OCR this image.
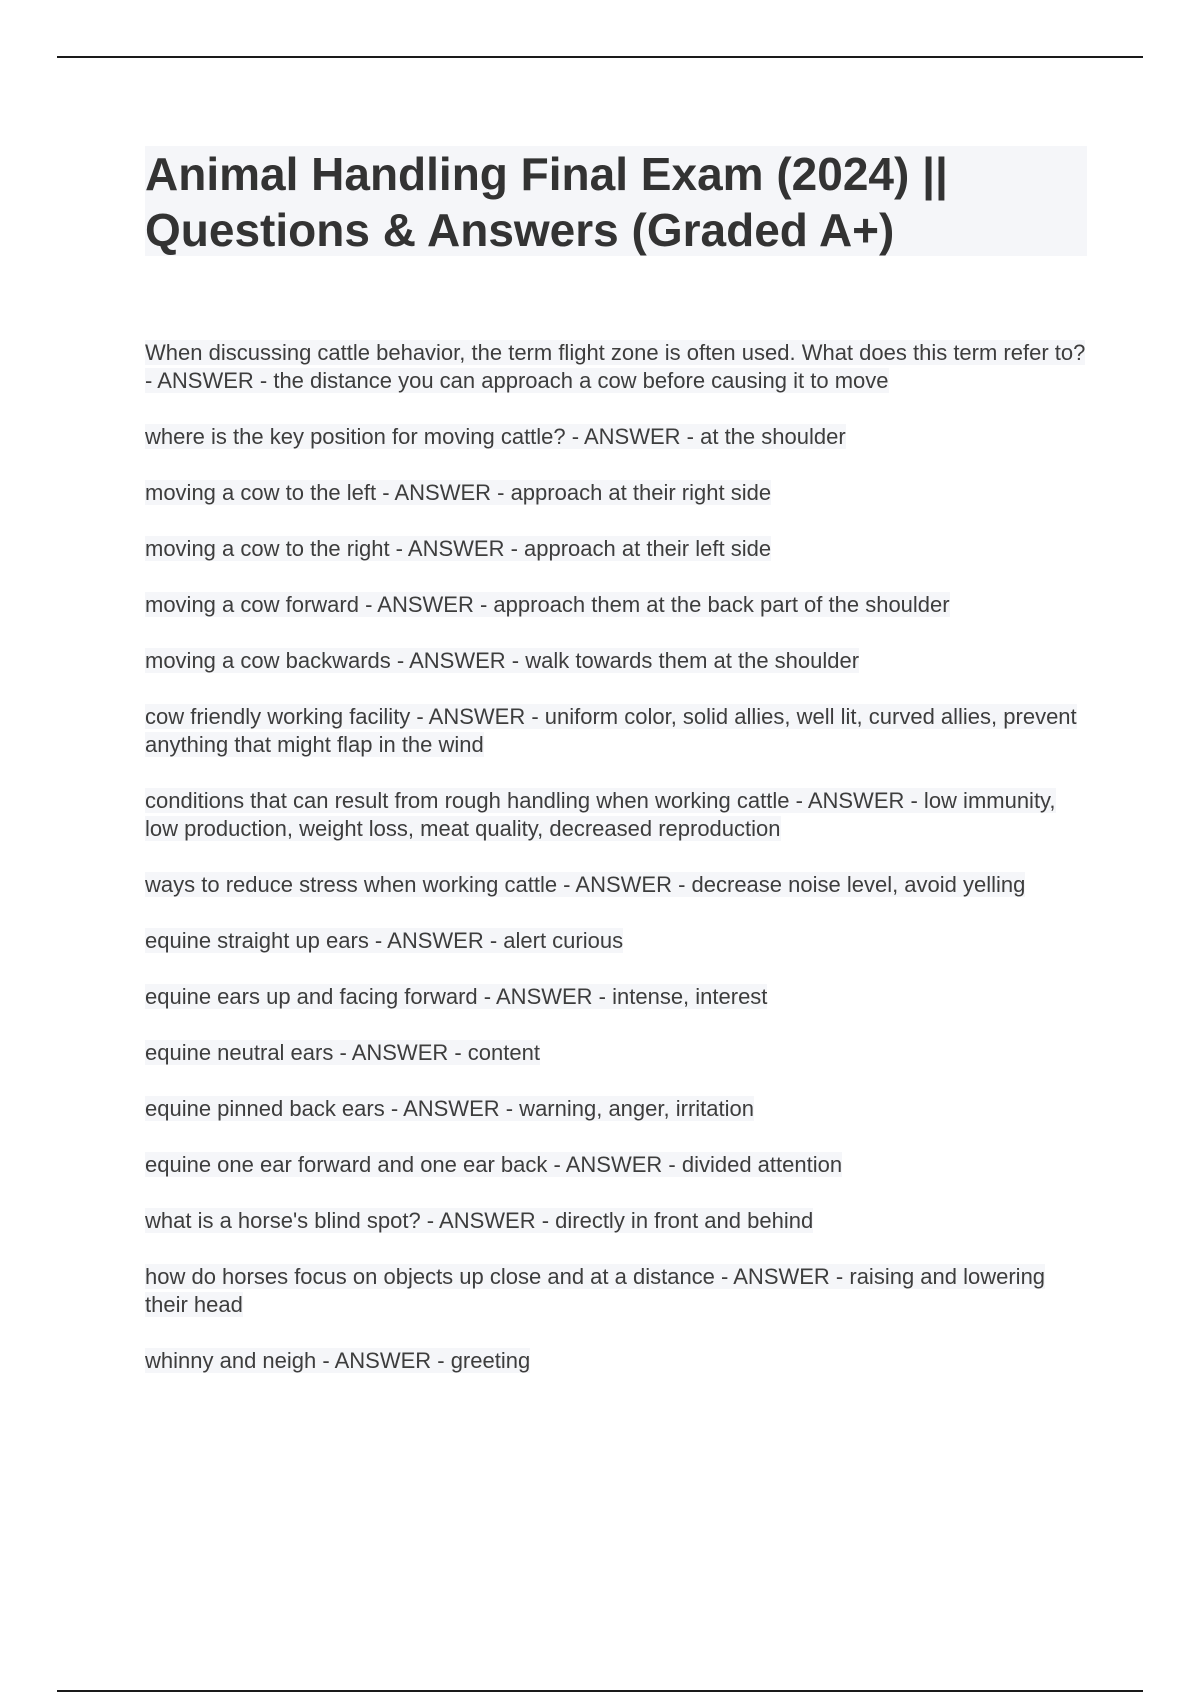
Animal Handling Final Exam (2024) || Questions & Answers (Graded A+)
When discussing cattle behavior, the term flight zone is often used. What does this term refer to? - ANSWER - the distance you can approach a cow before causing it to move
where is the key position for moving cattle? - ANSWER - at the shoulder
moving a cow to the left - ANSWER - approach at their right side
moving a cow to the right - ANSWER - approach at their left side
moving a cow forward - ANSWER - approach them at the back part of the shoulder
moving a cow backwards - ANSWER - walk towards them at the shoulder
cow friendly working facility - ANSWER - uniform color, solid allies, well lit, curved allies, prevent anything that might flap in the wind
conditions that can result from rough handling when working cattle - ANSWER - low immunity, low production, weight loss, meat quality, decreased reproduction
ways to reduce stress when working cattle - ANSWER - decrease noise level, avoid yelling
equine straight up ears - ANSWER - alert curious
equine ears up and facing forward - ANSWER - intense, interest
equine neutral ears - ANSWER - content
equine pinned back ears - ANSWER - warning, anger, irritation
equine one ear forward and one ear back - ANSWER - divided attention
what is a horse's blind spot? - ANSWER - directly in front and behind
how do horses focus on objects up close and at a distance - ANSWER - raising and lowering their head
whinny and neigh - ANSWER - greeting
